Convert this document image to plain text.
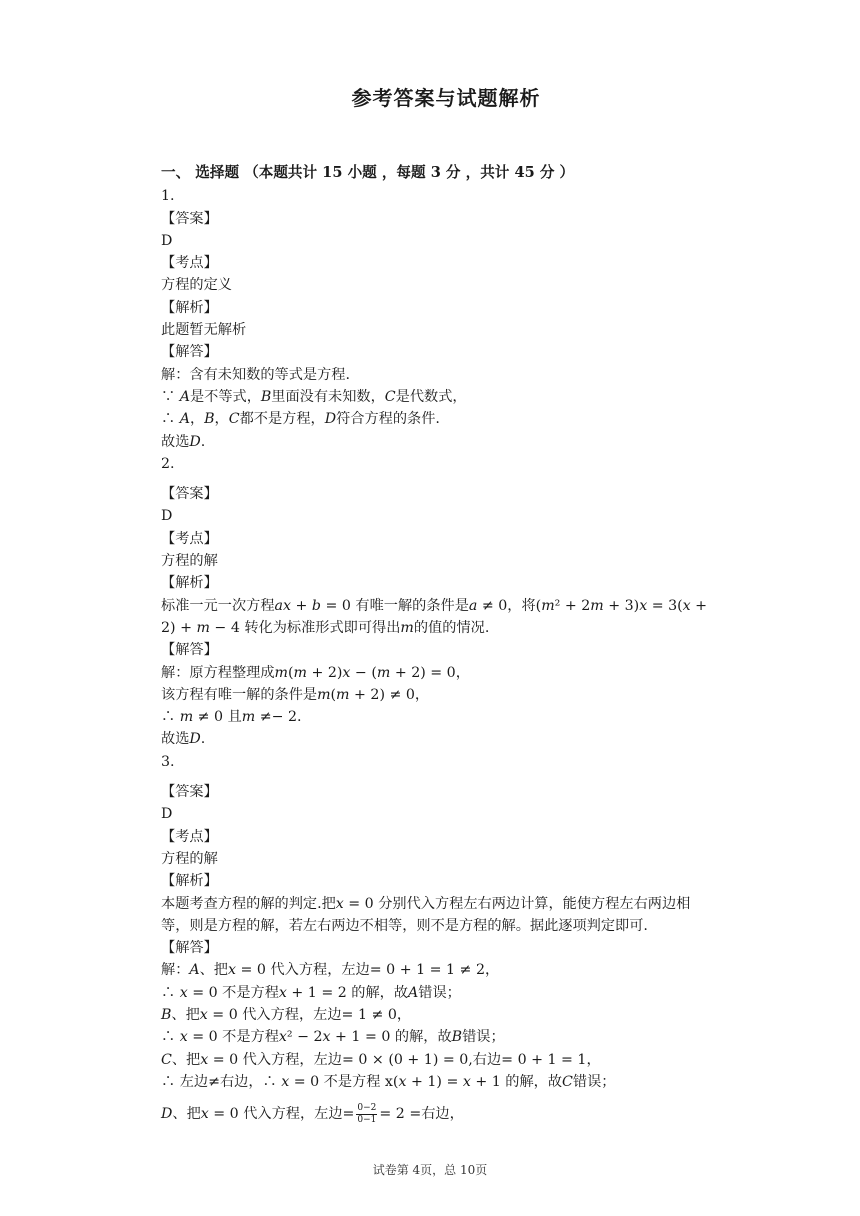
参考答案与试题解析
一、 选择题 （本题共计 15 小题 ，每题 3 分 ，共计 45 分 ）
1.
【答案】
D
【考点】
方程的定义
【解析】
此题暂无解析
【解答】
解：含有未知数的等式是方程.
∵ 𝐴是不等式，𝐵里面没有未知数，𝐶是代数式，
∴ 𝐴，𝐵，𝐶都不是方程，𝐷符合方程的条件.
故选𝐷.
2.
【答案】
D
【考点】
方程的解
【解析】
标准一元一次方程𝑎𝑥 + 𝑏 = 0 有唯一解的条件是𝑎 ≠ 0，将(𝑚² + 2𝑚 + 3)𝑥 = 3(𝑥 +
2) + 𝑚 − 4 转化为标准形式即可得出𝑚的值的情况.
【解答】
解：原方程整理成𝑚(𝑚 + 2)𝑥 − (𝑚 + 2) = 0，
该方程有唯一解的条件是𝑚(𝑚 + 2) ≠ 0，
∴ 𝑚 ≠ 0 且𝑚 ≠− 2.
故选𝐷.
3.
【答案】
D
【考点】
方程的解
【解析】
本题考查方程的解的判定.把𝑥 = 0 分别代入方程左右两边计算，能使方程左右两边相
等，则是方程的解，若左右两边不相等，则不是方程的解。据此逐项判定即可.
【解答】
解：𝐴、把𝑥 = 0 代入方程，左边= 0 + 1 = 1 ≠ 2，
∴ 𝑥 = 0 不是方程𝑥 + 1 = 2 的解，故𝐴错误；
𝐵、把𝑥 = 0 代入方程，左边= 1 ≠ 0，
∴ 𝑥 = 0 不是方程𝑥² − 2𝑥 + 1 = 0 的解，故𝐵错误；
𝐶、把𝑥 = 0 代入方程，左边= 0 × (0 + 1) = 0,右边= 0 + 1 = 1，
∴ 左边≠右边，∴ 𝑥 = 0 不是方程 x(𝑥 + 1) = 𝑥 + 1 的解，故𝐶错误；
𝐷、把𝑥 = 0 代入方程，左边= $\frac{0-2}{0-1} = 2$ =右边，
试卷第 4页，总 10页
